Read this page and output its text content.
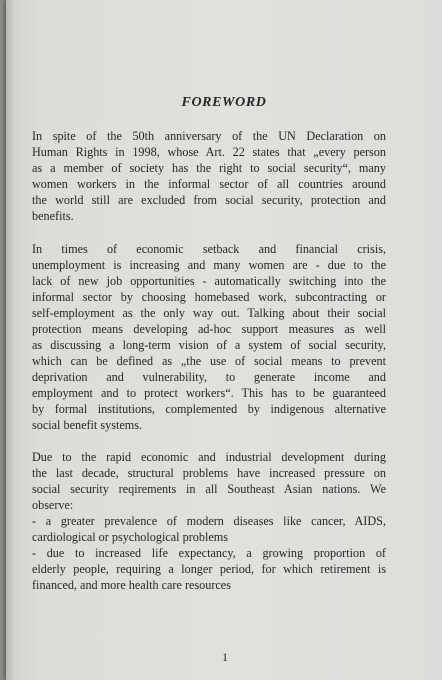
FOREWORD

In spite of the 50th anniversary of the UN Declaration on
Human Rights in 1998, whose Art. 22 states that „every person
as a member of society has the right to social security“, many
women workers in the informal sector of all countries around
the world still are excluded from social security, protection and
benefits.

In times of economic setback and financial crisis,
unemployment is increasing and many women are - due to the
lack of new job opportunities - automatically switching into the
informal sector by choosing homebased work, subcontracting or
self-employment as the only way out. Talking about their social
protection means developing ad-hoc support measures as well
as discussing a long-term vision of a system of social security,
which can be defined as „the use of social means to prevent
deprivation and vulnerability, to generate income and
employment and to protect workers“. This has to be guaranteed
by formal institutions, complemented by indigenous alternative
social benefit systems.

Due to the rapid economic and industrial development during
the last decade, structural problems have increased pressure on
social security reqirements in all Southeast Asian nations. We
observe:
- a greater prevalence of modern diseases like cancer, AIDS,
cardiological or psychological problems
- due to increased life expectancy, a growing proportion of
elderly people, requiring a longer period, for which retirement is
financed, and more health care resources

1
